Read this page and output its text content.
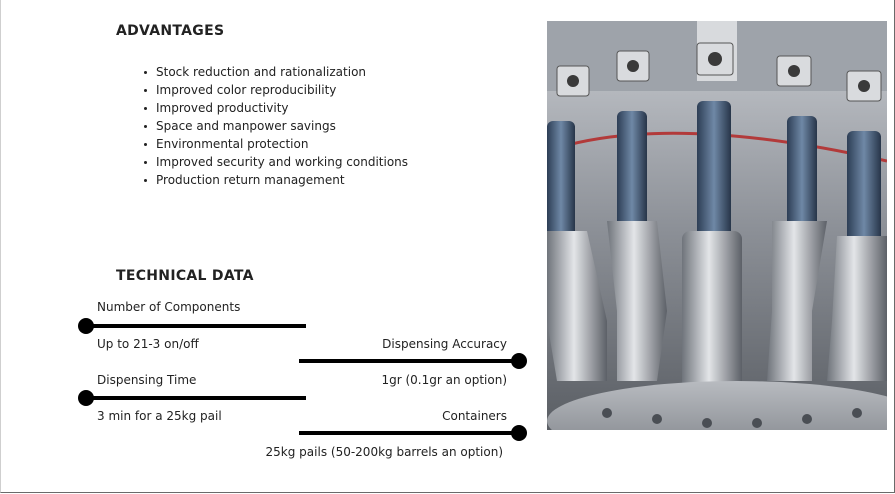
ADVANTAGES
Stock reduction and rationalization
Improved color reproducibility
Improved productivity
Space and manpower savings
Environmental protection
Improved security and working conditions
Production return management
TECHNICAL DATA
Number of Components
Up to 21-3 on/off	Dispensing Accuracy
1gr (0.1gr an option)
Dispensing Time
3 min for a 25kg pail	Containers
25kg pails (50-200kg barrels an option)
